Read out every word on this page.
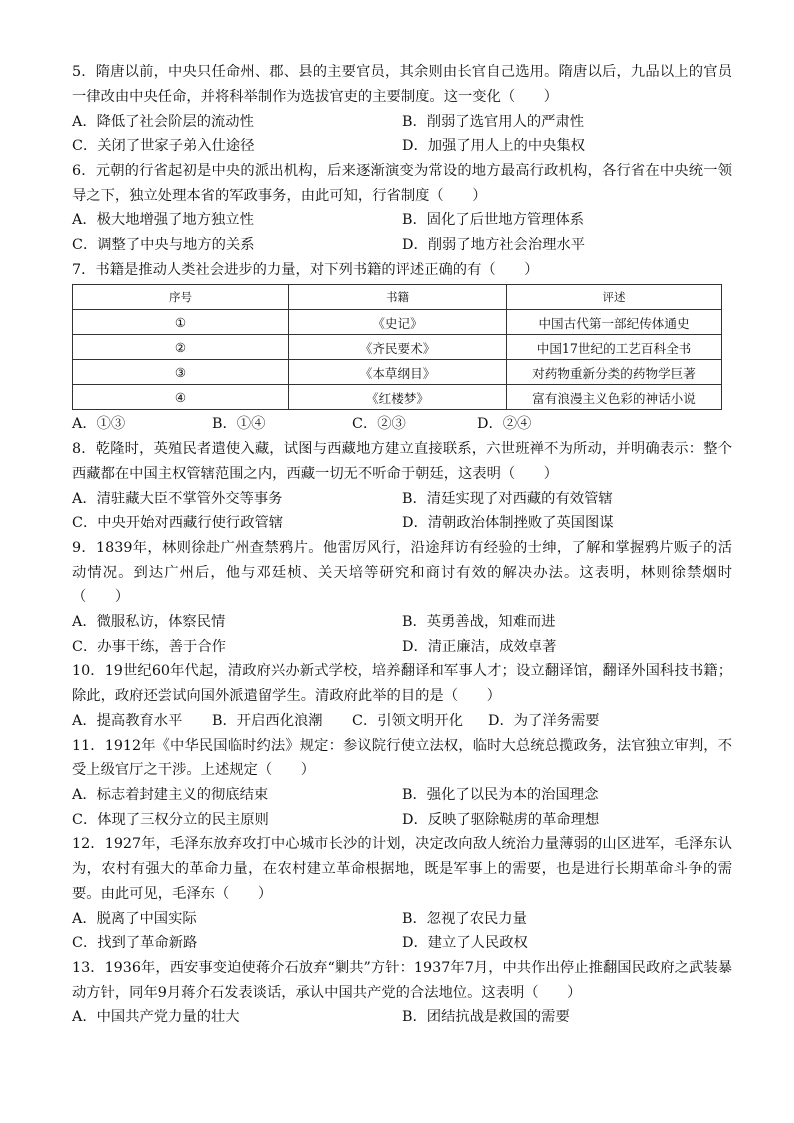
5．隋唐以前，中央只任命州、郡、县的主要官员，其余则由长官自己选用。隋唐以后，九品以上的官员一律改由中央任命，并将科举制作为选拔官吏的主要制度。这一变化（　　）

A．降低了社会阶层的流动性	B．削弱了选官用人的严肃性
C．关闭了世家子弟入仕途径	D．加强了用人上的中央集权

6．元朝的行省起初是中央的派出机构，后来逐渐演变为常设的地方最高行政机构，各行省在中央统一领导之下，独立处理本省的军政事务，由此可知，行省制度（　　）

A．极大地增强了地方独立性	B．固化了后世地方管理体系
C．调整了中央与地方的关系	D．削弱了地方社会治理水平

7．书籍是推动人类社会进步的力量，对下列书籍的评述正确的有（　　）

序号	书籍	评述
①	《史记》	中国古代第一部纪传体通史
②	《齐民要术》	中国17世纪的工艺百科全书
③	《本草纲目》	对药物重新分类的药物学巨著
④	《红楼梦》	富有浪漫主义色彩的神话小说
A．①③	B．①④	C．②③	D．②④

8．乾隆时，英殖民者遣使入藏，试图与西藏地方建立直接联系，六世班禅不为所动，并明确表示：整个西藏都在中国主权管辖范围之内，西藏一切无不听命于朝廷，这表明（　　）

A．清驻藏大臣不掌管外交等事务	B．清廷实现了对西藏的有效管辖
C．中央开始对西藏行使行政管辖	D．清朝政治体制挫败了英国图谋

9．1839年，林则徐赴广州查禁鸦片。他雷厉风行，沿途拜访有经验的士绅，了解和掌握鸦片贩子的活动情况。到达广州后，他与邓廷桢、关天培等研究和商讨有效的解决办法。这表明，林则徐禁烟时（　　）

A．微服私访，体察民情	B．英勇善战，知难而进
C．办事干练，善于合作	D．清正廉洁，成效卓著

10．19世纪60年代起，清政府兴办新式学校，培养翻译和军事人才；设立翻译馆，翻译外国科技书籍；除此，政府还尝试向国外派遣留学生。清政府此举的目的是（　　）

A．提高教育水平	B．开启西化浪潮	C．引领文明开化	D．为了洋务需要

11．1912年《中华民国临时约法》规定：参议院行使立法权，临时大总统总揽政务，法官独立审判，不受上级官厅之干涉。上述规定（　　）

A．标志着封建主义的彻底结束	B．强化了以民为本的治国理念
C．体现了三权分立的民主原则	D．反映了驱除鞑虏的革命理想

12．1927年，毛泽东放弃攻打中心城市长沙的计划，决定改向敌人统治力量薄弱的山区进军，毛泽东认为，农村有强大的革命力量，在农村建立革命根据地，既是军事上的需要，也是进行长期革命斗争的需要。由此可见，毛泽东（　　）

A．脱离了中国实际	B．忽视了农民力量
C．找到了革命新路	D．建立了人民政权

13．1936年，西安事变迫使蒋介石放弃“剿共”方针：1937年7月，中共作出停止推翻国民政府之武装暴动方针，同年9月蒋介石发表谈话，承认中国共产党的合法地位。这表明（　　）

A．中国共产党力量的壮大	B．团结抗战是救国的需要
